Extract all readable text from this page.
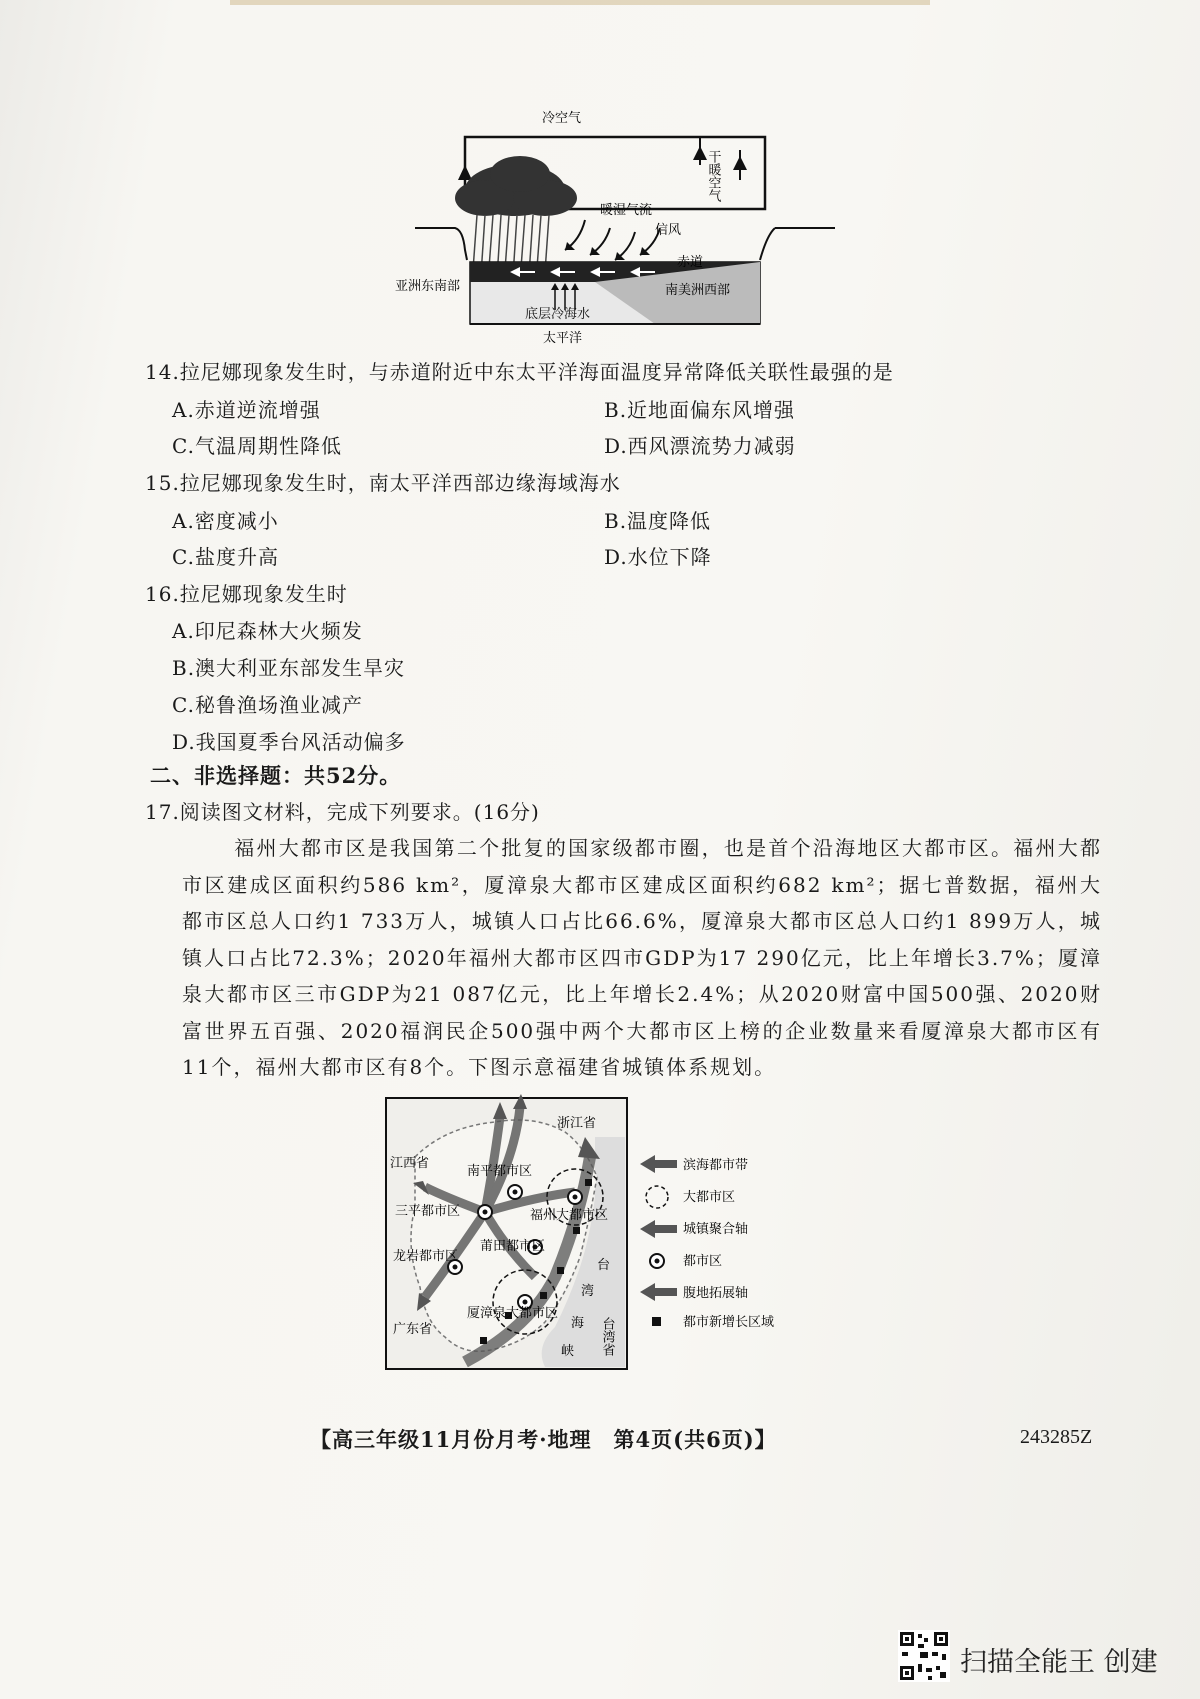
冷空气
干暖空气
暖湿气流
信风
赤道
亚洲东南部	南美洲西部
底层冷海水
太平洋
14.拉尼娜现象发生时，与赤道附近中东太平洋海面温度异常降低关联性最强的是
A.赤道逆流增强	B.近地面偏东风增强
C.气温周期性降低	D.西风漂流势力减弱
15.拉尼娜现象发生时，南太平洋西部边缘海域海水
A.密度减小	B.温度降低
C.盐度升高	D.水位下降
16.拉尼娜现象发生时
A.印尼森林大火频发
B.澳大利亚东部发生旱灾
C.秘鲁渔场渔业减产
D.我国夏季台风活动偏多
二、非选择题：共52分。
17.阅读图文材料，完成下列要求。(16分)
福州大都市区是我国第二个批复的国家级都市圈，也是首个沿海地区大都市区。福州大都市区建成区面积约586 km²，厦漳泉大都市区建成区面积约682 km²；据七普数据，福州大都市区总人口约1 733万人，城镇人口占比66.6%，厦漳泉大都市区总人口约1 899万人，城镇人口占比72.3%；2020年福州大都市区四市GDP为17 290亿元，比上年增长3.7%；厦漳泉大都市区三市GDP为21 087亿元，比上年增长2.4%；从2020财富中国500强、2020财富世界五百强、2020福润民企500强中两个大都市区上榜的企业数量来看厦漳泉大都市区有11个，福州大都市区有8个。下图示意福建省城镇体系规划。
浙江省
江西省
南平都市区
三平都市区	福州大都市区
莆田都市区
龙岩都市区
台
湾
海
峡
厦漳泉大都市区
广东省	台湾省
滨海都市带
大都市区
城镇聚合轴
都市区
腹地拓展轴
都市新增长区域
【高三年级11月份月考·地理　第4页(共6页)】	243285Z
扫描全能王 创建
